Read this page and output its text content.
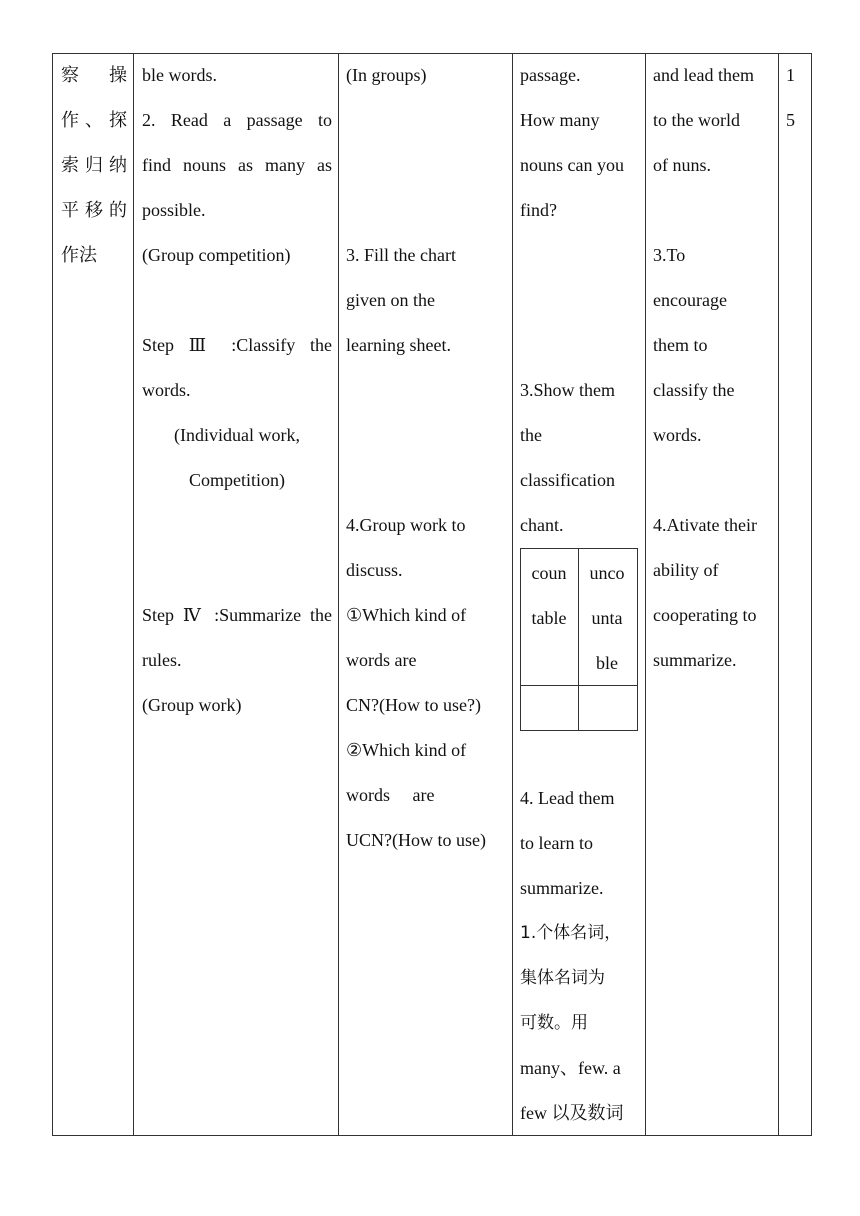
察 操
作、探
索归纳
平移的
作法
ble words.
2. Read a passage to
find nouns as many as
possible.
(Group competition)
Step Ⅲ :Classify the
words.
(Individual work,
Competition)
Step Ⅳ :Summarize the
rules.
(Group work)
(In groups)
3. Fill the chart
given on the
learning sheet.
4.Group work to
discuss.
①Which kind of
words are
CN?(How to use?)
②Which kind of
words are
UCN?(How to use)
passage.
How many
nouns can you
find?
3.Show them
the
classification
chant.
coun
table
unco
unta
ble
4. Lead them
to learn to
summarize.
1.个体名词，
集体名词为
可数。用
many、few. a
few 以及数词
and lead them
to the world
of nuns.
3.To
encourage
them to
classify the
words.
4.Ativate their
ability of
cooperating to
summarize.
1
5
